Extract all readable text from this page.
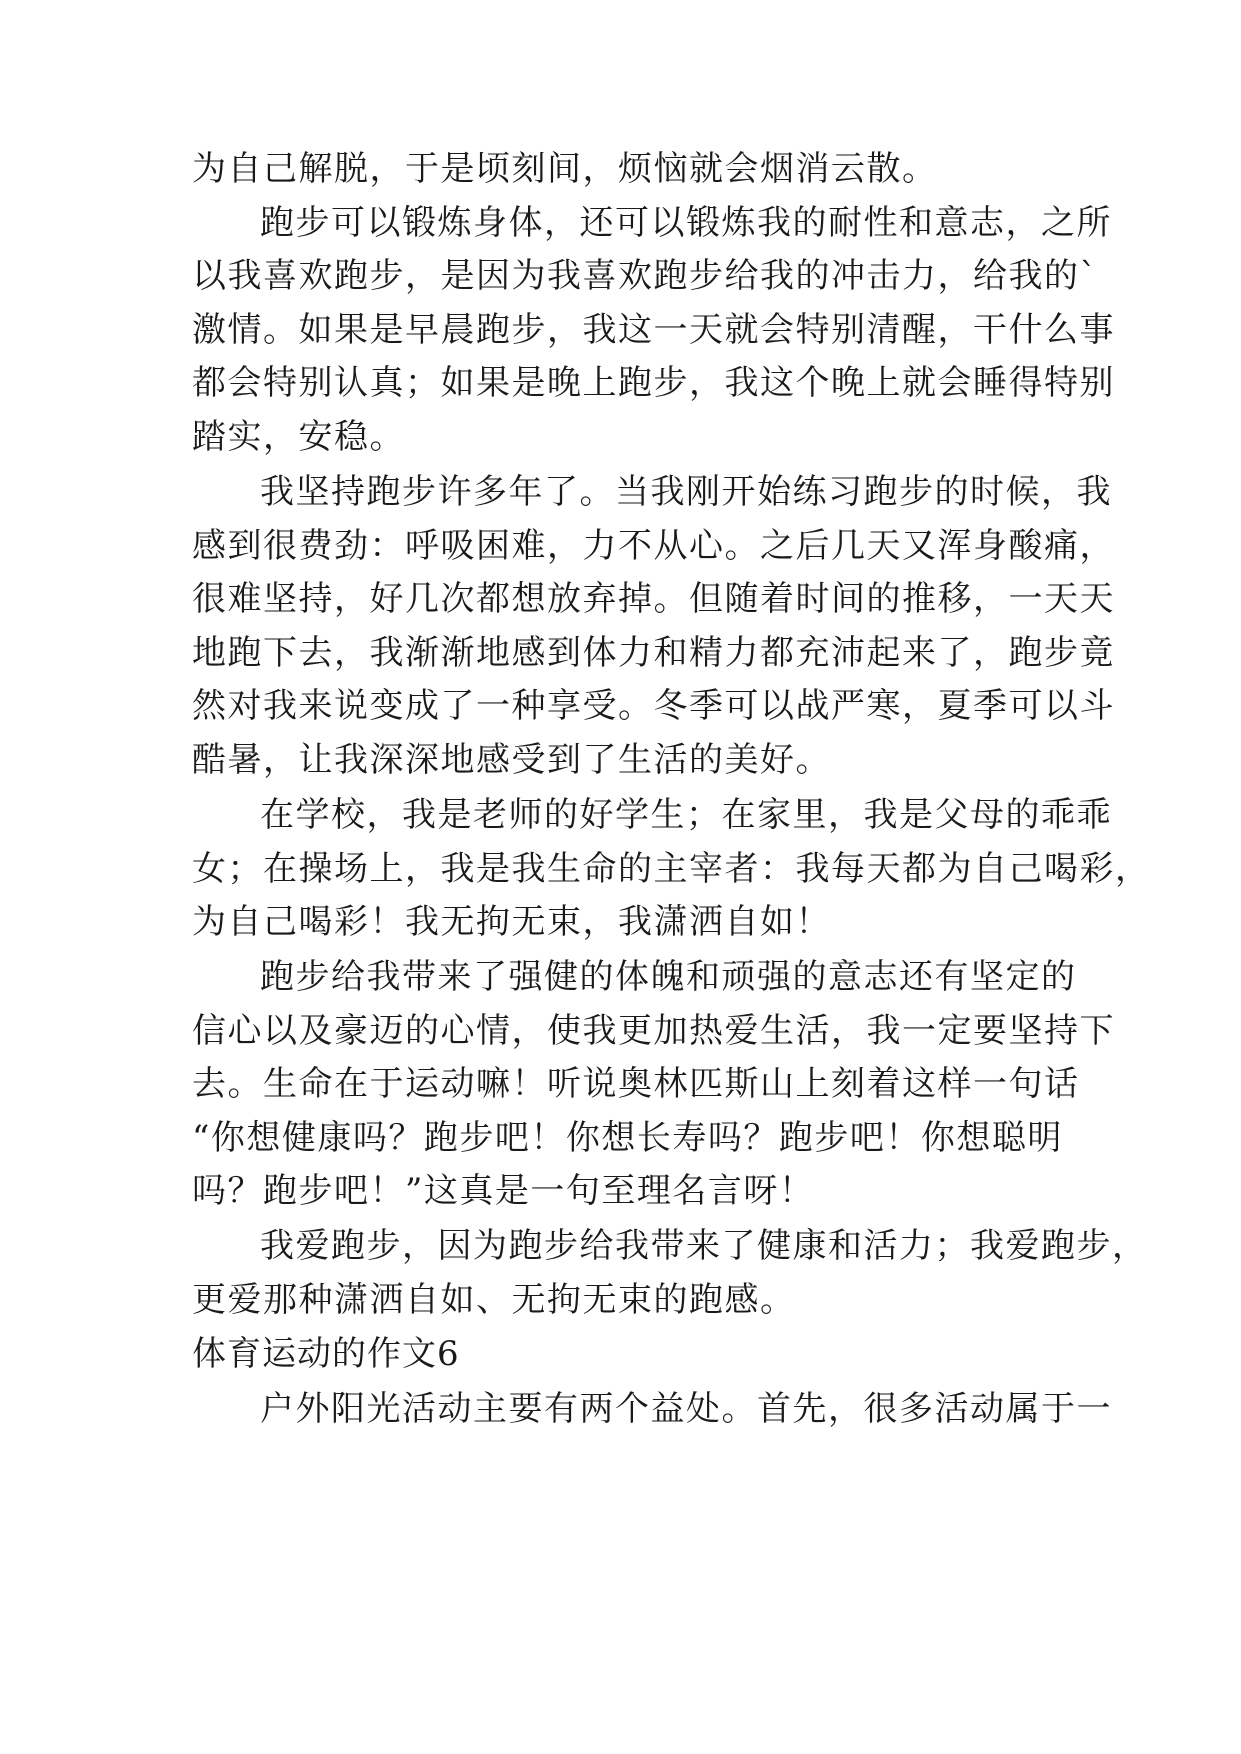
为自己解脱，于是顷刻间，烦恼就会烟消云散。
跑步可以锻炼身体，还可以锻炼我的耐性和意志，之所
以我喜欢跑步，是因为我喜欢跑步给我的冲击力，给我的`
激情。如果是早晨跑步，我这一天就会特别清醒，干什么事
都会特别认真；如果是晚上跑步，我这个晚上就会睡得特别
踏实，安稳。
我坚持跑步许多年了。当我刚开始练习跑步的时候，我
感到很费劲：呼吸困难，力不从心。之后几天又浑身酸痛，
很难坚持，好几次都想放弃掉。但随着时间的推移，一天天
地跑下去，我渐渐地感到体力和精力都充沛起来了，跑步竟
然对我来说变成了一种享受。冬季可以战严寒，夏季可以斗
酷暑，让我深深地感受到了生活的美好。
在学校，我是老师的好学生；在家里，我是父母的乖乖
女；在操场上，我是我生命的主宰者：我每天都为自己喝彩，
为自己喝彩！我无拘无束，我潇洒自如！
跑步给我带来了强健的体魄和顽强的意志还有坚定的
信心以及豪迈的心情，使我更加热爱生活，我一定要坚持下
去。生命在于运动嘛！听说奥林匹斯山上刻着这样一句话
“你想健康吗？跑步吧！你想长寿吗？跑步吧！你想聪明
吗？跑步吧！”这真是一句至理名言呀！
我爱跑步，因为跑步给我带来了健康和活力；我爱跑步，
更爱那种潇洒自如、无拘无束的跑感。
体育运动的作文6
户外阳光活动主要有两个益处。首先，很多活动属于一
